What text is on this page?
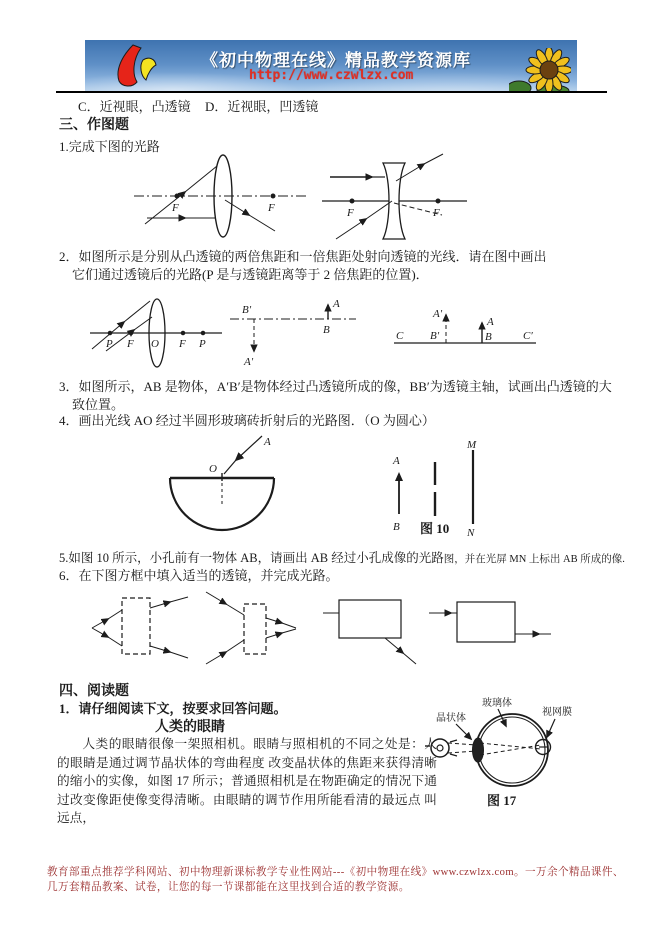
《初中物理在线》精品教学资源库
http://www.czwlzx.com
C．近视眼，凸透镜 D．近视眼，凹透镜
三、作图题
1.完成下图的光路
F	F	F	F
2．如图所示是分别从凸透镜的两倍焦距和一倍焦距处射向透镜的光线．请在图中画出
它们通过透镜后的光路(P 是与透镜距离等于 2 倍焦距的位置)．
P F O F P
B′
A′
A
B	C	C′
A′
B′
A
B
3．如图所示，AB 是物体，A′B′是物体经过凸透镜所成的像，BB′为透镜主轴，试画出凸透镜的大
致位置。
4．画出光线 AO 经过半圆形玻璃砖折射后的光路图．（O 为圆心）
O
A
A
B
M
N
图 10
5.如图 10 所示，小孔前有一物体 AB，请画出 AB 经过小孔成像的光路图，并在光屏 MN 上标出 AB 所成的像.
6．在下图方框中填入适当的透镜，并完成光路。
四、阅读题
1．请仔细阅读下文，按要求回答问题。
人类的眼睛
人类的眼睛很像一架照相机。眼睛与照相机的不同之处是：人的眼睛是通过调节晶状体的弯曲程度 改变晶状体的焦距来获得清晰的缩小的实像，如图 17 所示；普通照相机是在物距确定的情况下通过改变像距使像变得清晰。由眼睛的调节作用所能看清的最远点 叫远点，
玻璃体
晶状体
视网膜
图 17
教育部重点推荐学科网站、初中物理新课标教学专业性网站---《初中物理在线》www.czwlzx.com。一万余个精品课件、
几万套精品教案、试卷，让您的每一节课都能在这里找到合适的教学资源。
